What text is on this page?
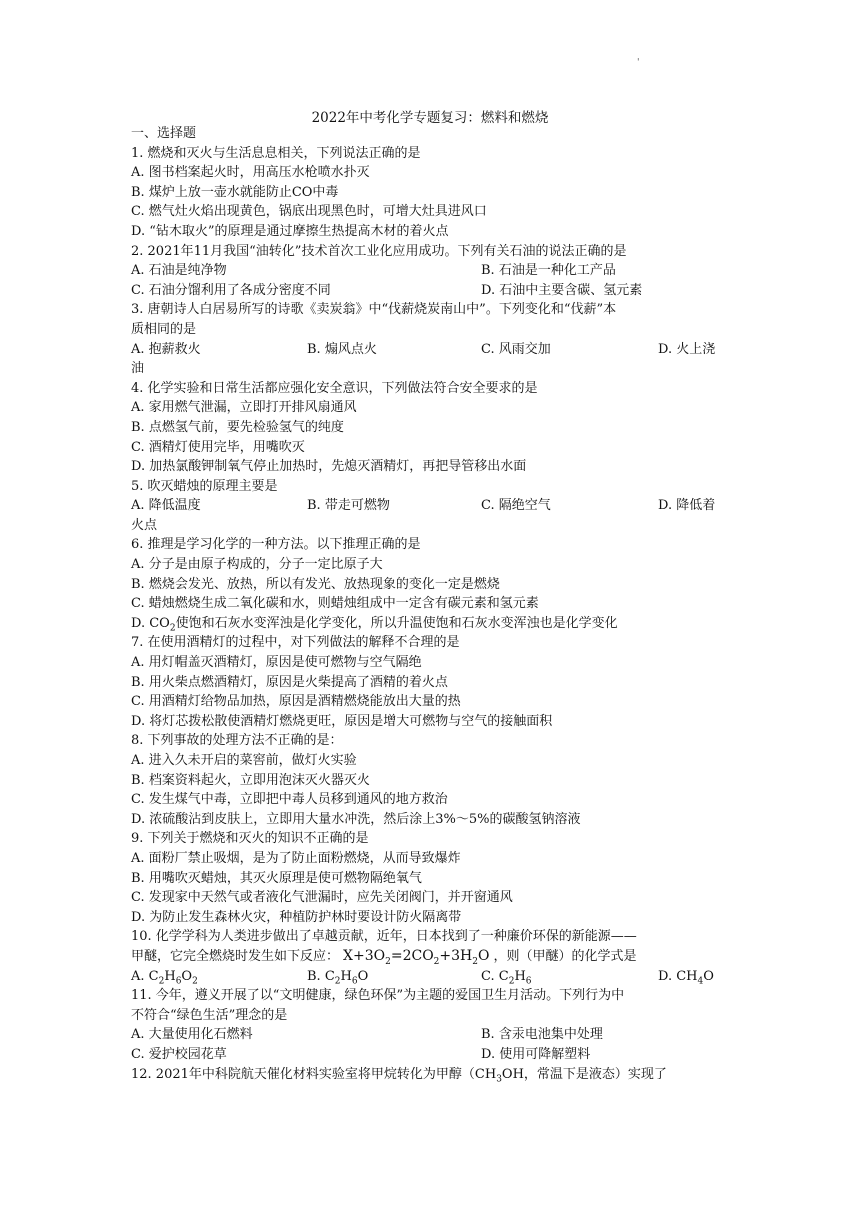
'
2022年中考化学专题复习：燃料和燃烧
一、选择题
1. 燃烧和灭火与生活息息相关，下列说法正确的是
A. 图书档案起火时，用高压水枪喷水扑灭
B. 煤炉上放一壶水就能防止CO中毒
C. 燃气灶火焰出现黄色，锅底出现黑色时，可增大灶具进风口
D. “钻木取火”的原理是通过摩擦生热提高木材的着火点
2. 2021年11月我国“油转化”技术首次工业化应用成功。下列有关石油的说法正确的是
A. 石油是纯净物	B. 石油是一种化工产品
C. 石油分馏利用了各成分密度不同	D. 石油中主要含碳、氢元素
3. 唐朝诗人白居易所写的诗歌《卖炭翁》中“伐薪烧炭南山中”。下列变化和“伐薪”本
质相同的是
A. 抱薪救火	B. 煽风点火	C. 风雨交加	D. 火上浇
油
4. 化学实验和日常生活都应强化安全意识，下列做法符合安全要求的是
A. 家用燃气泄漏，立即打开排风扇通风
B. 点燃氢气前，要先检验氢气的纯度
C. 酒精灯使用完毕，用嘴吹灭
D. 加热氯酸钾制氧气停止加热时，先熄灭酒精灯，再把导管移出水面
5. 吹灭蜡烛的原理主要是
A. 降低温度	B. 带走可燃物	C. 隔绝空气	D. 降低着
火点
6. 推理是学习化学的一种方法。以下推理正确的是
A. 分子是由原子构成的，分子一定比原子大
B. 燃烧会发光、放热，所以有发光、放热现象的变化一定是燃烧
C. 蜡烛燃烧生成二氧化碳和水，则蜡烛组成中一定含有碳元素和氢元素
D. $CO_2$使饱和石灰水变浑浊是化学变化，所以升温使饱和石灰水变浑浊也是化学变化
7. 在使用酒精灯的过程中，对下列做法的解释不合理的是
A. 用灯帽盖灭酒精灯，原因是使可燃物与空气隔绝
B. 用火柴点燃酒精灯，原因是火柴提高了酒精的着火点
C. 用酒精灯给物品加热，原因是酒精燃烧能放出大量的热
D. 将灯芯拨松散使酒精灯燃烧更旺，原因是增大可燃物与空气的接触面积
8. 下列事故的处理方法不正确的是：
A. 进入久未开启的菜窖前，做灯火实验
B. 档案资料起火，立即用泡沫灭火器灭火
C. 发生煤气中毒，立即把中毒人员移到通风的地方救治
D. 浓硫酸沾到皮肤上，立即用大量水冲洗，然后涂上3%～5%的碳酸氢钠溶液
9. 下列关于燃烧和灭火的知识不正确的是
A. 面粉厂禁止吸烟，是为了防止面粉燃烧，从而导致爆炸
B. 用嘴吹灭蜡烛，其灭火原理是使可燃物隔绝氧气
C. 发现家中天然气或者液化气泄漏时，应先关闭阀门，并开窗通风
D. 为防止发生森林火灾，种植防护林时要设计防火隔离带
10. 化学学科为人类进步做出了卓越贡献，近年，日本找到了一种廉价环保的新能源——
甲醚，它完全燃烧时发生如下反应： $X+3O_2=2CO_2+3H_2O$ ，则（甲醚）的化学式是
A. $C_2H_6O_2$	B. $C_2H_6O$	C. $C_2H_6$	D. $CH_4O$
11. 今年，遵义开展了以“文明健康，绿色环保”为主题的爱国卫生月活动。下列行为中
不符合“绿色生活”理念的是
A. 大量使用化石燃料	B. 含汞电池集中处理
C. 爱护校园花草	D. 使用可降解塑料
12. 2021年中科院航天催化材料实验室将甲烷转化为甲醇（$CH_3OH$，常温下是液态）实现了
